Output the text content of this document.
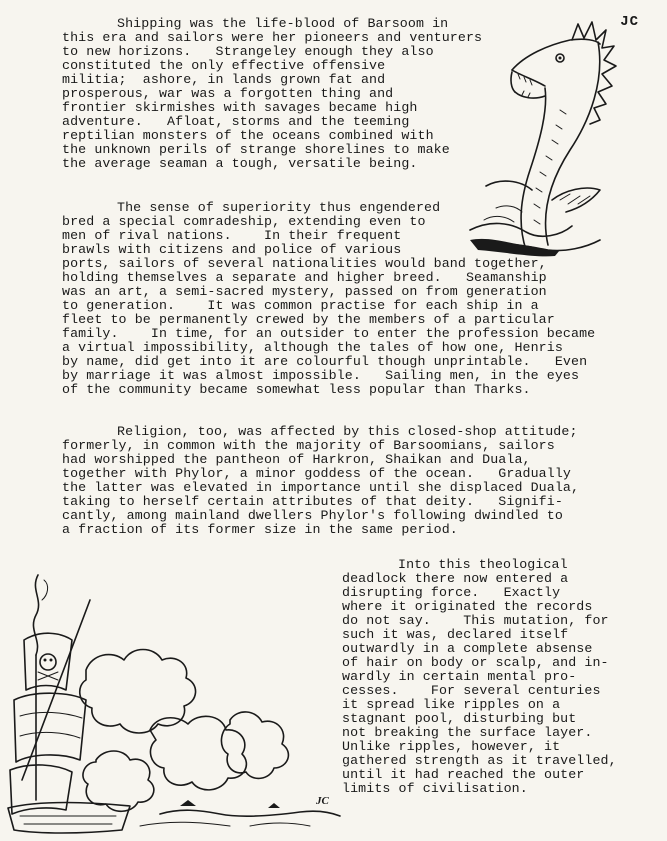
JC
Shipping was the life-blood of Barsoom in
this era and sailors were her pioneers and venturers
to new horizons.   Strangeley enough they also
constituted the only effective offensive
militia;  ashore, in lands grown fat and
prosperous, war was a forgotten thing and
frontier skirmishes with savages became high
adventure.   Afloat, storms and the teeming
reptilian monsters of the oceans combined with
the unknown perils of strange shorelines to make
the average seaman a tough, versatile being.
The sense of superiority thus engendered
bred a special comradeship, extending even to
men of rival nations.    In their frequent
brawls with citizens and police of various
ports, sailors of several nationalities would band together,
holding themselves a separate and higher breed.   Seamanship
was an art, a semi-sacred mystery, passed on from generation
to generation.    It was common practise for each ship in a
fleet to be permanently crewed by the members of a particular
family.    In time, for an outsider to enter the profession became
a virtual impossibility, although the tales of how one, Henris
by name, did get into it are colourful though unprintable.   Even
by marriage it was almost impossible.   Sailing men, in the eyes
of the community became somewhat less popular than Tharks.
Religion, too, was affected by this closed-shop attitude;
formerly, in common with the majority of Barsoomians, sailors
had worshipped the pantheon of Harkron, Shaikan and Duala,
together with Phylor, a minor goddess of the ocean.   Gradually
the latter was elevated in importance until she displaced Duala,
taking to herself certain attributes of that deity.   Signifi-
cantly, among mainland dwellers Phylor's following dwindled to
a fraction of its former size in the same period.
Into this theological
deadlock there now entered a
disrupting force.   Exactly
where it originated the records
do not say.    This mutation, for
such it was, declared itself
outwardly in a complete absense
of hair on body or scalp, and in-
wardly in certain mental pro-
cesses.    For several centuries
it spread like ripples on a
stagnant pool, disturbing but
not breaking the surface layer.
Unlike ripples, however, it
gathered strength as it travelled,
until it had reached the outer
limits of civilisation.
JC
